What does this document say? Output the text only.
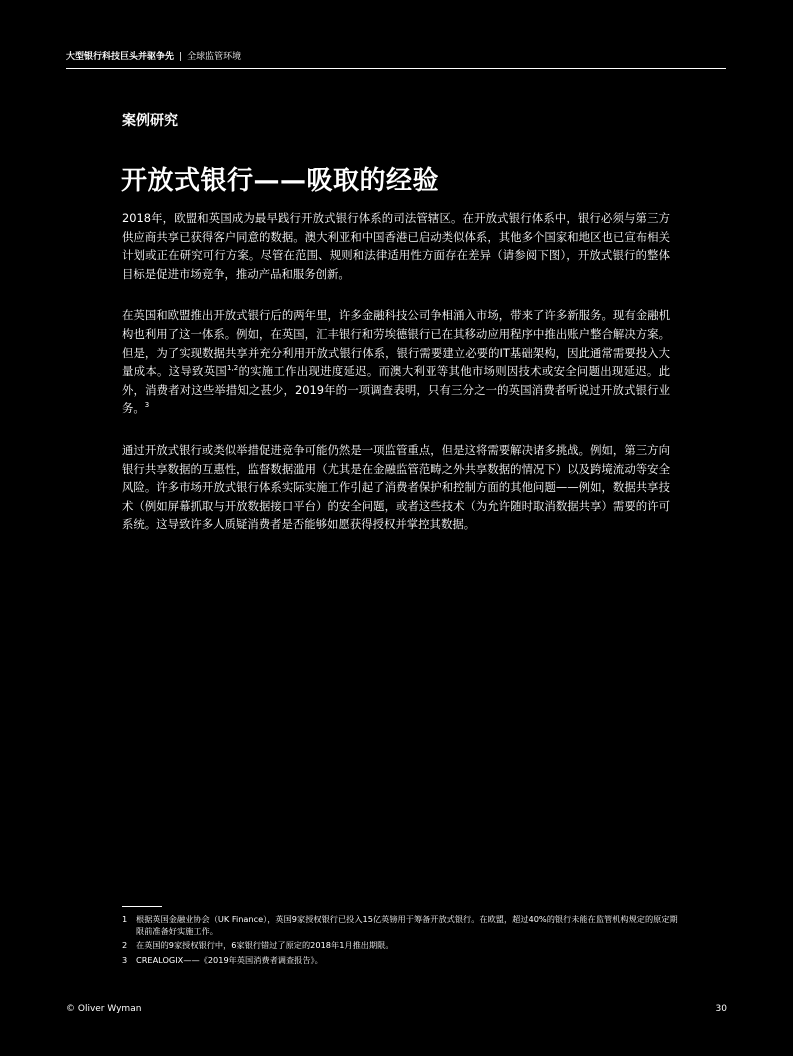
大型银行科技巨头并驱争先 | 全球监管环境
案例研究
开放式银行——吸取的经验

2018年，欧盟和英国成为最早践行开放式银行体系的司法管辖区。在开放式银行体系中，银行必须与第三方供应商共享已获得客户同意的数据。澳大利亚和中国香港已启动类似体系，其他多个国家和地区也已宣布相关计划或正在研究可行方案。尽管在范围、规则和法律适用性方面存在差异（请参阅下图），开放式银行的整体目标是促进市场竞争，推动产品和服务创新。

在英国和欧盟推出开放式银行后的两年里，许多金融科技公司争相涌入市场，带来了许多新服务。现有金融机构也利用了这一体系。例如，在英国，汇丰银行和劳埃德银行已在其移动应用程序中推出账户整合解决方案。但是，为了实现数据共享并充分利用开放式银行体系，银行需要建立必要的IT基础架构，因此通常需要投入大量成本。这导致英国$^{1,2}$的实施工作出现进度延迟。而澳大利亚等其他市场则因技术或安全问题出现延迟。此外，消费者对这些举措知之甚少，2019年的一项调查表明，只有三分之一的英国消费者听说过开放式银行业务。$^3$

通过开放式银行或类似举措促进竞争可能仍然是一项监管重点，但是这将需要解决诸多挑战。例如，第三方向银行共享数据的互惠性，监督数据滥用（尤其是在金融监管范畴之外共享数据的情况下）以及跨境流动等安全风险。许多市场开放式银行体系实际实施工作引起了消费者保护和控制方面的其他问题——例如，数据共享技术（例如屏幕抓取与开放数据接口平台）的安全问题，或者这些技术（为允许随时取消数据共享）需要的许可系统。这导致许多人质疑消费者是否能够如愿获得授权并掌控其数据。

1	根据英国金融业协会（UK Finance），英国9家授权银行已投入15亿英镑用于筹备开放式银行。在欧盟，超过40%的银行未能在监管机构规定的原定期限前准备好实施工作。
2	在英国的9家授权银行中，6家银行错过了原定的2018年1月推出期限。
3	CREALOGIX——《2019年英国消费者调查报告》。
© Oliver Wyman	30
